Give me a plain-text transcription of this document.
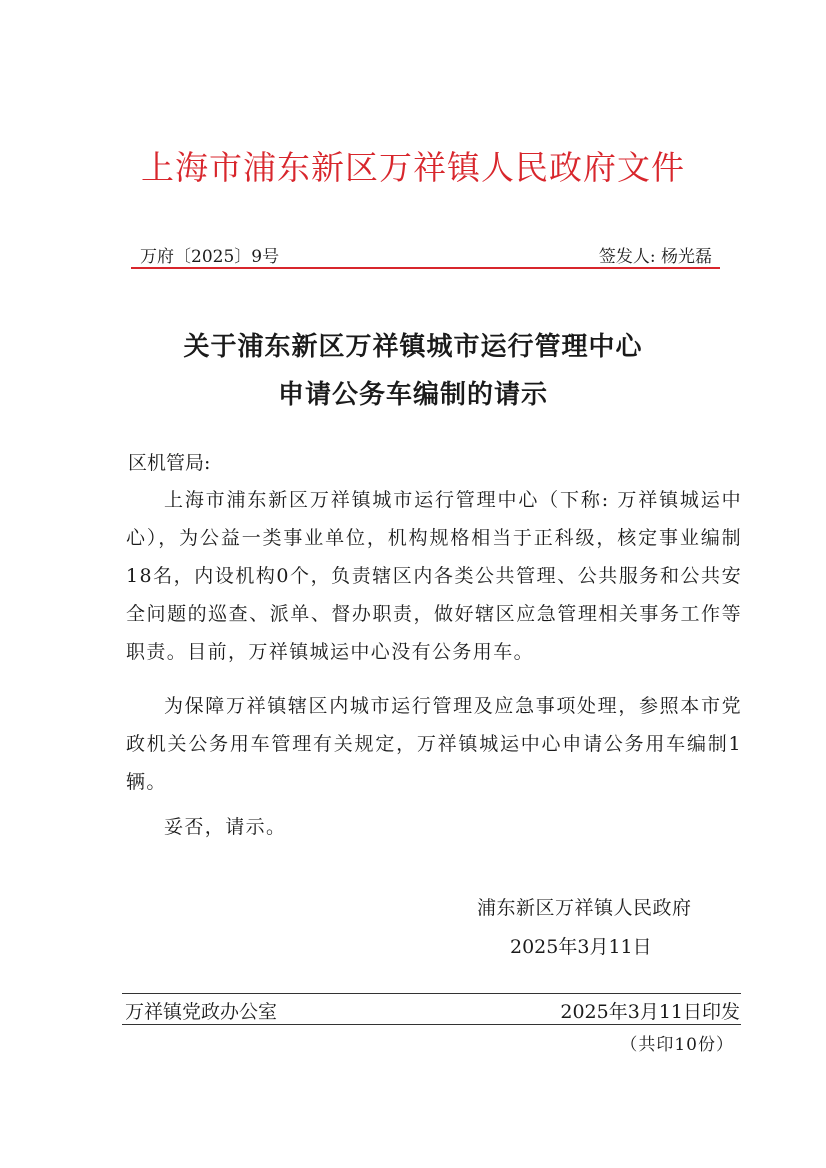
上海市浦东新区万祥镇人民政府文件
万府〔2025〕9号	签发人: 杨光磊
关于浦东新区万祥镇城市运行管理中心
申请公务车编制的请示
区机管局:

上海市浦东新区万祥镇城市运行管理中心（下称: 万祥镇城运中心），为公益一类事业单位，机构规格相当于正科级，核定事业编制18名，内设机构0个，负责辖区内各类公共管理、公共服务和公共安全问题的巡查、派单、督办职责，做好辖区应急管理相关事务工作等职责。目前，万祥镇城运中心没有公务用车。

为保障万祥镇辖区内城市运行管理及应急事项处理，参照本市党政机关公务用车管理有关规定，万祥镇城运中心申请公务用车编制1辆。

妥否，请示。

浦东新区万祥镇人民政府
2025年3月11日
万祥镇党政办公室	2025年3月11日印发
（共印10份）
